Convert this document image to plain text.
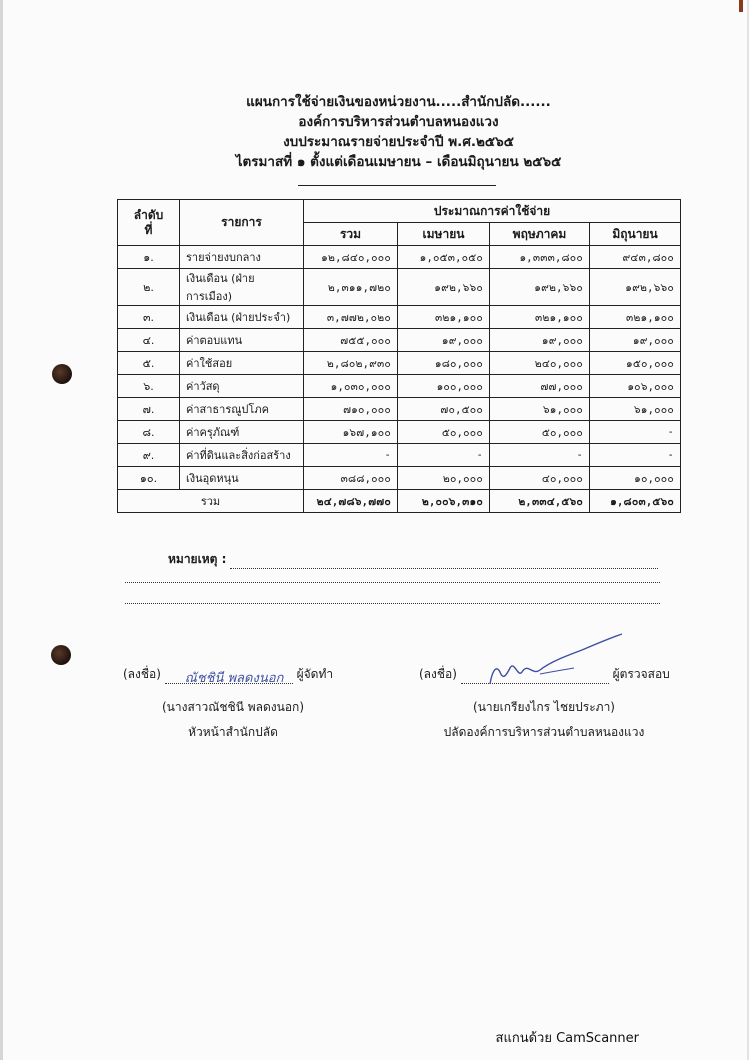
แผนการใช้จ่ายเงินของหน่วยงาน.....สำนักปลัด......
องค์การบริหารส่วนตำบลหนองแวง
งบประมาณรายจ่ายประจำปี พ.ศ.๒๕๖๕
ไตรมาสที่ ๑ ตั้งแต่เดือนเมษายน – เดือนมิถุนายน ๒๕๖๕
ลำดับ
ที่	รายการ	ประมาณการค่าใช้จ่าย			
		รวม	เมษายน	พฤษภาคม	มิถุนายน
๑.	รายจ่ายงบกลาง	๑๒,๘๔๐,๐๐๐	๑,๐๕๓,๐๕๐	๑,๓๓๓,๘๐๐	๙๔๓,๘๐๐
๒.	เงินเดือน (ฝ่ายการเมือง)	๒,๓๑๑,๗๒๐	๑๙๒,๖๖๐	๑๙๒,๖๖๐	๑๙๒,๖๖๐
๓.	เงินเดือน (ฝ่ายประจำ)	๓,๗๗๒,๐๒๐	๓๒๑,๑๐๐	๓๒๑,๑๐๐	๓๒๑,๑๐๐
๔.	ค่าตอบแทน	๗๕๕,๐๐๐	๑๙,๐๐๐	๑๙,๐๐๐	๑๙,๐๐๐
๕.	ค่าใช้สอย	๒,๘๐๒,๙๓๐	๑๘๐,๐๐๐	๒๔๐,๐๐๐	๑๕๐,๐๐๐
๖.	ค่าวัสดุ	๑,๐๓๐,๐๐๐	๑๐๐,๐๐๐	๗๗,๐๐๐	๑๐๖,๐๐๐
๗.	ค่าสาธารณูปโภค	๗๑๐,๐๐๐	๗๐,๕๐๐	๖๑,๐๐๐	๖๑,๐๐๐
๘.	ค่าครุภัณฑ์	๑๖๗,๑๐๐	๕๐,๐๐๐	๕๐,๐๐๐	-
๙.	ค่าที่ดินและสิ่งก่อสร้าง	-	-	-	-
๑๐.	เงินอุดหนุน	๓๘๘,๐๐๐	๒๐,๐๐๐	๔๐,๐๐๐	๑๐,๐๐๐
รวม		๒๔,๗๘๖,๗๗๐	๒,๐๐๖,๓๑๐	๒,๓๓๔,๕๖๐	๑,๘๐๓,๕๖๐
หมายเหตุ :
(ลงชื่อ) ณัชชินี พลดงนอก ผู้จัดทำ
(นางสาวณัชชินี พลดงนอก)
หัวหน้าสำนักปลัด
(ลงชื่อ)	ผู้ตรวจสอบ
(นายเกรียงไกร ไชยประภา)
ปลัดองค์การบริหารส่วนตำบลหนองแวง
สแกนด้วย CamScanner
